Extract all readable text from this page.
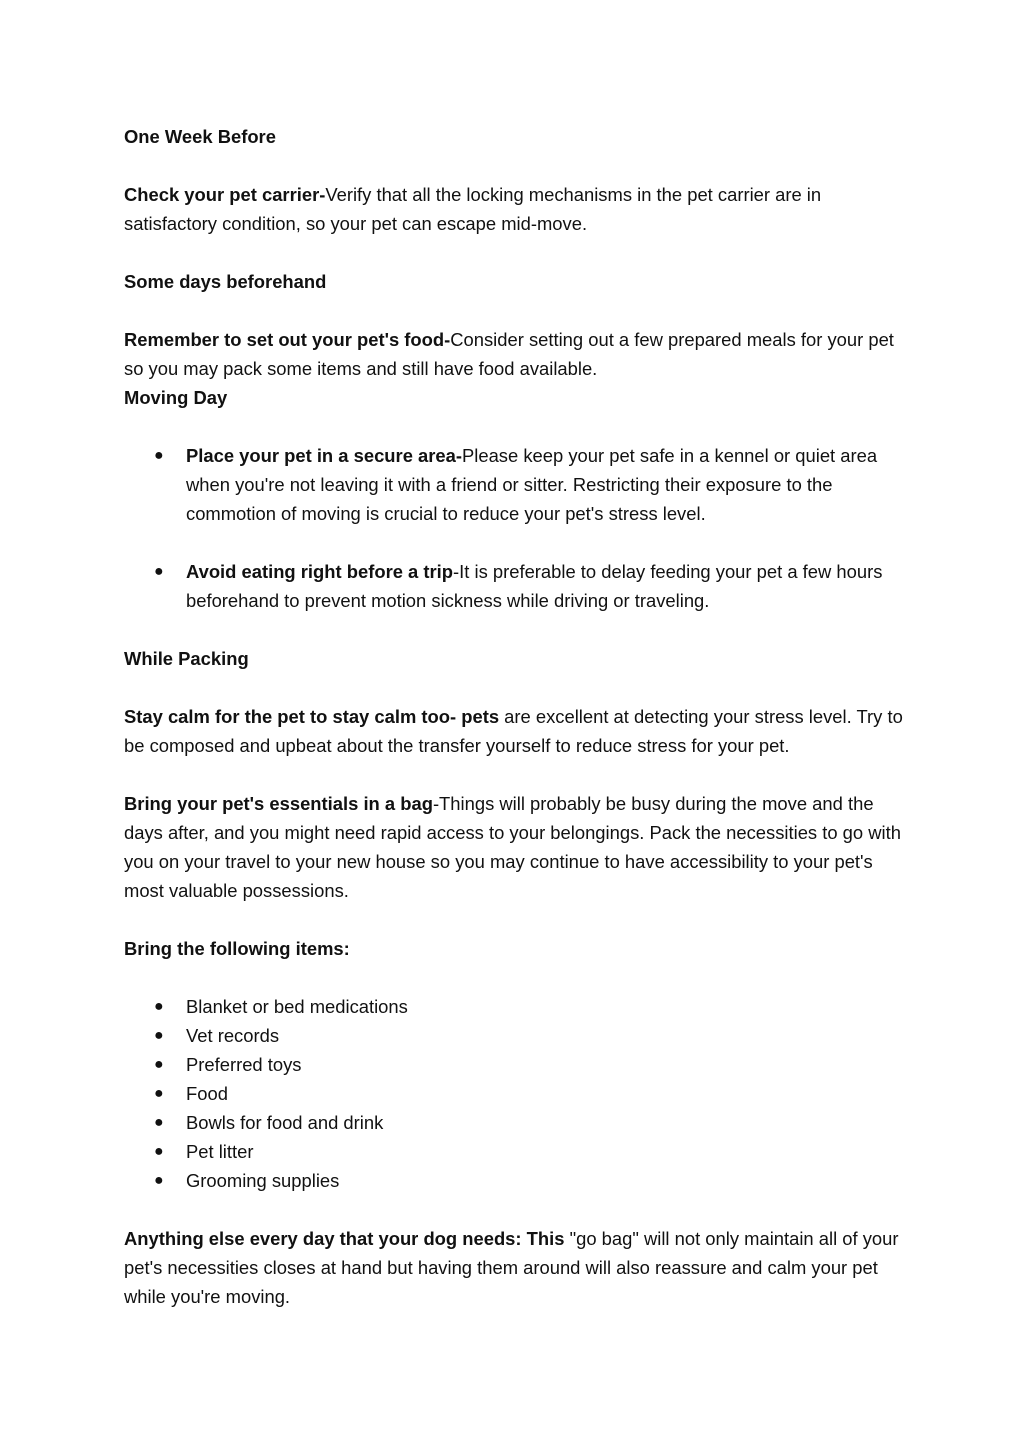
One Week Before

Check your pet carrier-Verify that all the locking mechanisms in the pet carrier are in satisfactory condition, so your pet can escape mid-move.

Some days beforehand

Remember to set out your pet's food-Consider setting out a few prepared meals for your pet so you may pack some items and still have food available.

Moving Day

● Place your pet in a secure area-Please keep your pet safe in a kennel or quiet area when you're not leaving it with a friend or sitter. Restricting their exposure to the commotion of moving is crucial to reduce your pet's stress level.
● Avoid eating right before a trip-It is preferable to delay feeding your pet a few hours beforehand to prevent motion sickness while driving or traveling.

While Packing

Stay calm for the pet to stay calm too- pets are excellent at detecting your stress level. Try to be composed and upbeat about the transfer yourself to reduce stress for your pet.

Bring your pet's essentials in a bag-Things will probably be busy during the move and the days after, and you might need rapid access to your belongings. Pack the necessities to go with you on your travel to your new house so you may continue to have accessibility to your pet's most valuable possessions.

Bring the following items:

● Blanket or bed medications
● Vet records
● Preferred toys
● Food
● Bowls for food and drink
● Pet litter
● Grooming supplies

Anything else every day that your dog needs: This "go bag" will not only maintain all of your pet's necessities closes at hand but having them around will also reassure and calm your pet while you're moving.
